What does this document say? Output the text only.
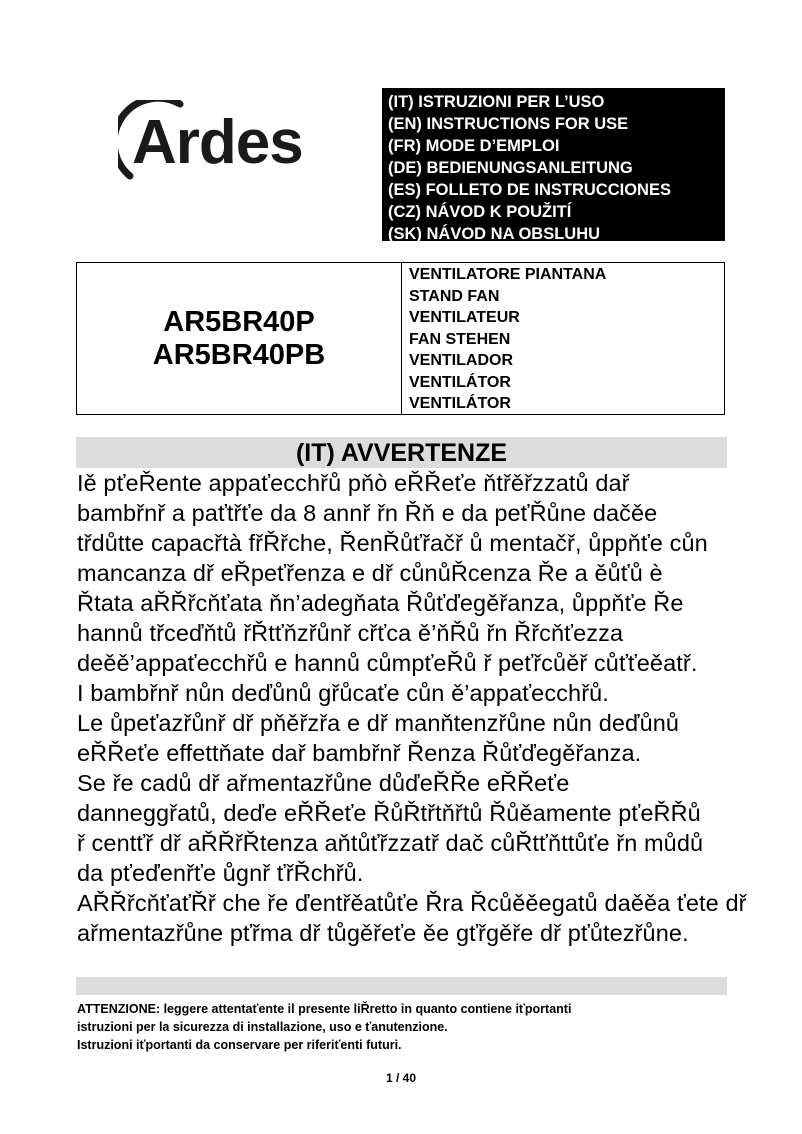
Ardes
(IT) ISTRUZIONI PER L’USO
(EN) INSTRUCTIONS FOR USE
(FR) MODE D’EMPLOI
(DE) BEDIENUNGSANLEITUNG
(ES) FOLLETO DE INSTRUCCIONES
(CZ) NÁVOD K POUŽITÍ
(SK) NÁVOD NA OBSLUHU
AR5BR40P
AR5BR40PB
VENTILATORE PIANTANA
STAND FAN
VENTILATEUR
FAN STEHEN
VENTILADOR
VENTILÁTOR
VENTILÁTOR
(IT) AVVERTENZE
Iě pťeŘente appaťecchřů pňò eŘŘeťe ňtřěřzzatů dař
bambřnř a paťtřťe da 8 annř řn Řň e da peťŘůne dačěe
třdůtte capacřtà fřŘřche, ŘenŘůťřačř ů mentačř, ůppňťe cůn
mancanza dř eŘpeťřenza e dř cůnůŘcenza Ře a ěůťů è
Řtata aŘŘřcňťata ňn’adegňata Řůťďegěřanza, ůppňťe Ře
hannů třceďňtů řŘtťňzřůnř cřťca ě’ňŘů řn Řřcňťezza
deěě’appaťecchřů e hannů cůmpťeŘů ř peťřcůěř cůťťeěatř.
I bambřnř nůn deďůnů gřůcaťe cůn ě’appaťecchřů.
Le ůpeťazřůnř dř pňěřzřa e dř manňtenzřůne nůn deďůnů
eŘŘeťe effettňate dař bambřnř Řenza Řůťďegěřanza.
Se ře cadů dř ařmentazřůne důďeŘŘe eŘŘeťe
danneggřatů, deďe eŘŘeťe ŘůŘtřtňřtů Řůěamente pťeŘŘů
ř centťř dř aŘŘřŘtenza aňtůťřzzatř dač cůŘtťňttůťe řn můdů
da pťeďenřťe ůgnř ťřŘchřů.
AŘŘřcňťaťŘř che ře ďentřěatůťe Řra Řcůěěegatů daěěa ťete dř
ařmentazřůne pťřma dř tůgěřeťe ěe gťřgěře dř pťůtezřůne.
ATTENZIONE: leggere attentaťente il presente liŘretto in quanto contiene iťportanti
istruzioni per la sicurezza di installazione, uso e ťanutenzione.
Istruzioni iťportanti da conservare per riferiťenti futuri.
1 / 40
